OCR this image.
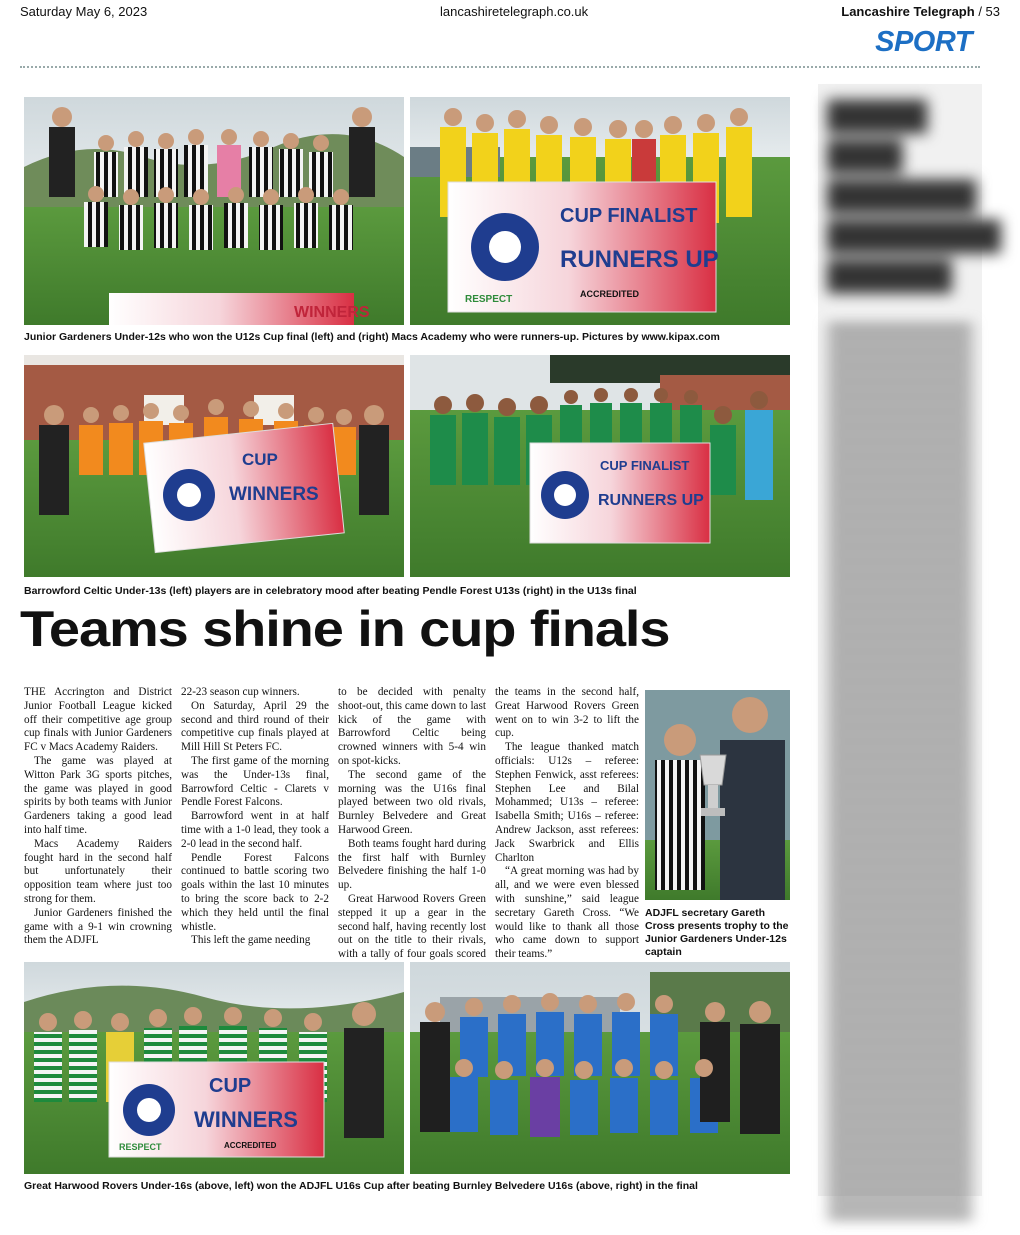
Saturday May 6, 2023	lancashiretelegraph.co.uk	Lancashire Telegraph / 53
SPORT
WINNERS
CUP FINALIST
RUNNERS UP
RESPECT	ACCREDITED
Junior Gardeners Under-12s who won the U12s Cup final (left) and (right) Macs Academy who were runners-up. Pictures by www.kipax.com
CUP
WINNERS
CUP FINALIST
RUNNERS UP
Barrowford Celtic Under-13s (left) players are in celebratory mood after beating Pendle Forest U13s (right) in the U13s final
Teams shine in cup finals

THE Accrington and District Junior Football League kicked off their competitive age group cup finals with Junior Gardeners FC v Macs Academy Raiders.

The game was played at Witton Park 3G sports pitches, the game was played in good spirits by both teams with Junior Gardeners taking a good lead into half time.

Macs Academy Raiders fought hard in the second half but unfortunately their opposition team where just too strong for them.

Junior Gardeners finished the game with a 9-1 win crowning them the ADJFL

22-23 season cup winners.

On Saturday, April 29 the second and third round of their competitive cup finals played at Mill Hill St Peters FC.

The first game of the morning was the Under-13s final, Barrowford Celtic - Clarets v Pendle Forest Falcons.

Barrowford went in at half time with a 1-0 lead, they took a 2-0 lead in the second half.

Pendle Forest Falcons continued to battle scoring two goals within the last 10 minutes to bring the score back to 2-2 which they held until the final whistle.

This left the game needing

to be decided with penalty shoot-out, this came down to last kick of the game with Barrowford Celtic being crowned winners with 5-4 win on spot-kicks.

The second game of the morning was the U16s final played between two old rivals, Burnley Belvedere and Great Harwood Green.

Both teams fought hard during the first half with Burnley Belvedere finishing the half 1-0 up.

Great Harwood Rovers Green stepped it up a gear in the second half, having recently lost out on the title to their rivals, with a tally of four goals scored

the teams in the second half, Great Harwood Rovers Green went on to win 3-2 to lift the cup.

The league thanked match officials: U12s – referee: Stephen Fenwick, asst referees: Stephen Lee and Bilal Mohammed; U13s – referee: Isabella Smith; U16s – referee: Andrew Jackson, asst referees: Jack Swarbrick and Ellis Charlton

“A great morning was had by all, and we were even blessed with sunshine,” said league secretary Gareth Cross. “We would like to thank all those who came down to support their teams.”

ADJFL secretary Gareth Cross presents trophy to the Junior Gardeners Under-12s captain
CUP
WINNERS
RESPECT	ACCREDITED
Great Harwood Rovers Under-16s (above, left) won the ADJFL U16s Cup after beating Burnley Belvedere U16s (above, right) in the final
▇▇▇▇ ▇▇▇ ▇▇▇▇▇▇ ▇▇▇▇▇▇▇ ▇▇▇▇▇
